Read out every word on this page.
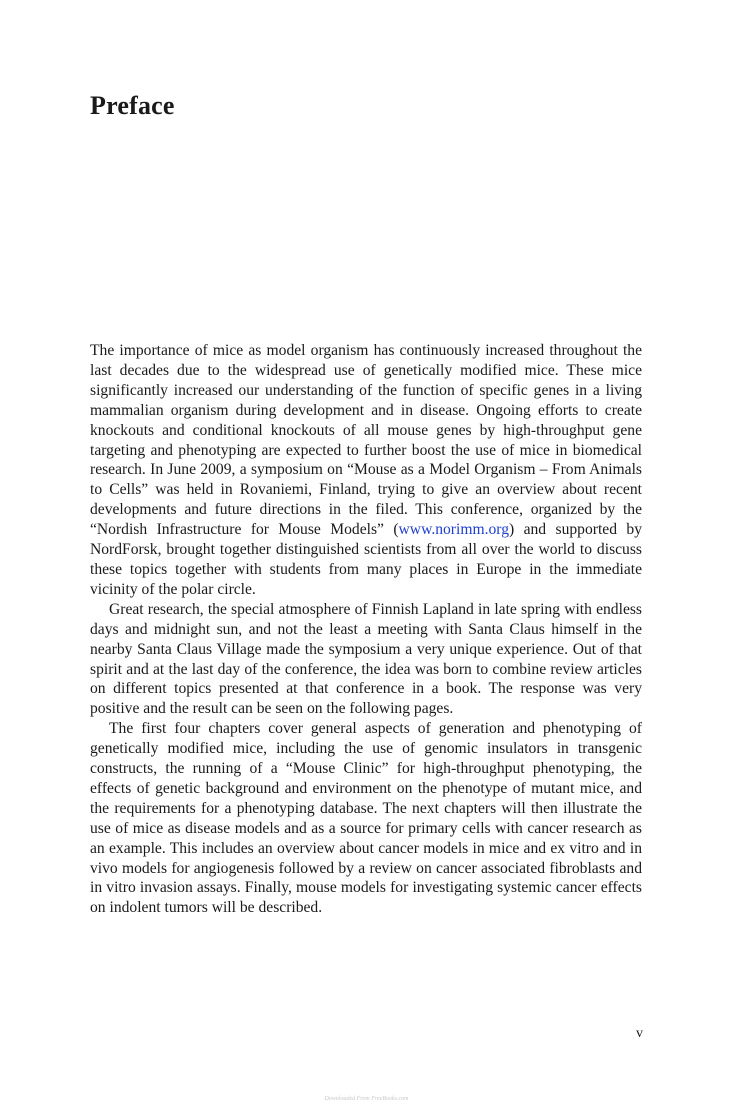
Preface

The importance of mice as model organism has continuously increased throughout the last decades due to the widespread use of genetically modified mice. These mice significantly increased our understanding of the function of specific genes in a living mammalian organism during development and in disease. Ongoing efforts to create knockouts and conditional knockouts of all mouse genes by high-throughput gene targeting and phenotyping are expected to further boost the use of mice in biomedical research. In June 2009, a symposium on “Mouse as a Model Organism – From Animals to Cells” was held in Rovaniemi, Finland, trying to give an overview about recent developments and future directions in the filed. This conference, organized by the “Nordish Infrastructure for Mouse Models” (www.norimm.org) and supported by NordForsk, brought together distinguished scientists from all over the world to discuss these topics together with students from many places in Europe in the immediate vicinity of the polar circle.

Great research, the special atmosphere of Finnish Lapland in late spring with endless days and midnight sun, and not the least a meeting with Santa Claus himself in the nearby Santa Claus Village made the symposium a very unique experience. Out of that spirit and at the last day of the conference, the idea was born to combine review articles on different topics presented at that conference in a book. The response was very positive and the result can be seen on the following pages.

The first four chapters cover general aspects of generation and phenotyping of genetically modified mice, including the use of genomic insulators in transgenic constructs, the running of a “Mouse Clinic” for high-throughput phenotyping, the effects of genetic background and environment on the phenotype of mutant mice, and the requirements for a phenotyping database. The next chapters will then illustrate the use of mice as disease models and as a source for primary cells with cancer research as an example. This includes an overview about cancer models in mice and ex vitro and in vivo models for angiogenesis followed by a review on cancer associated fibroblasts and in vitro invasion assays. Finally, mouse models for investigating systemic cancer effects on indolent tumors will be described.

v
Downloaded From FreeBooks.com
